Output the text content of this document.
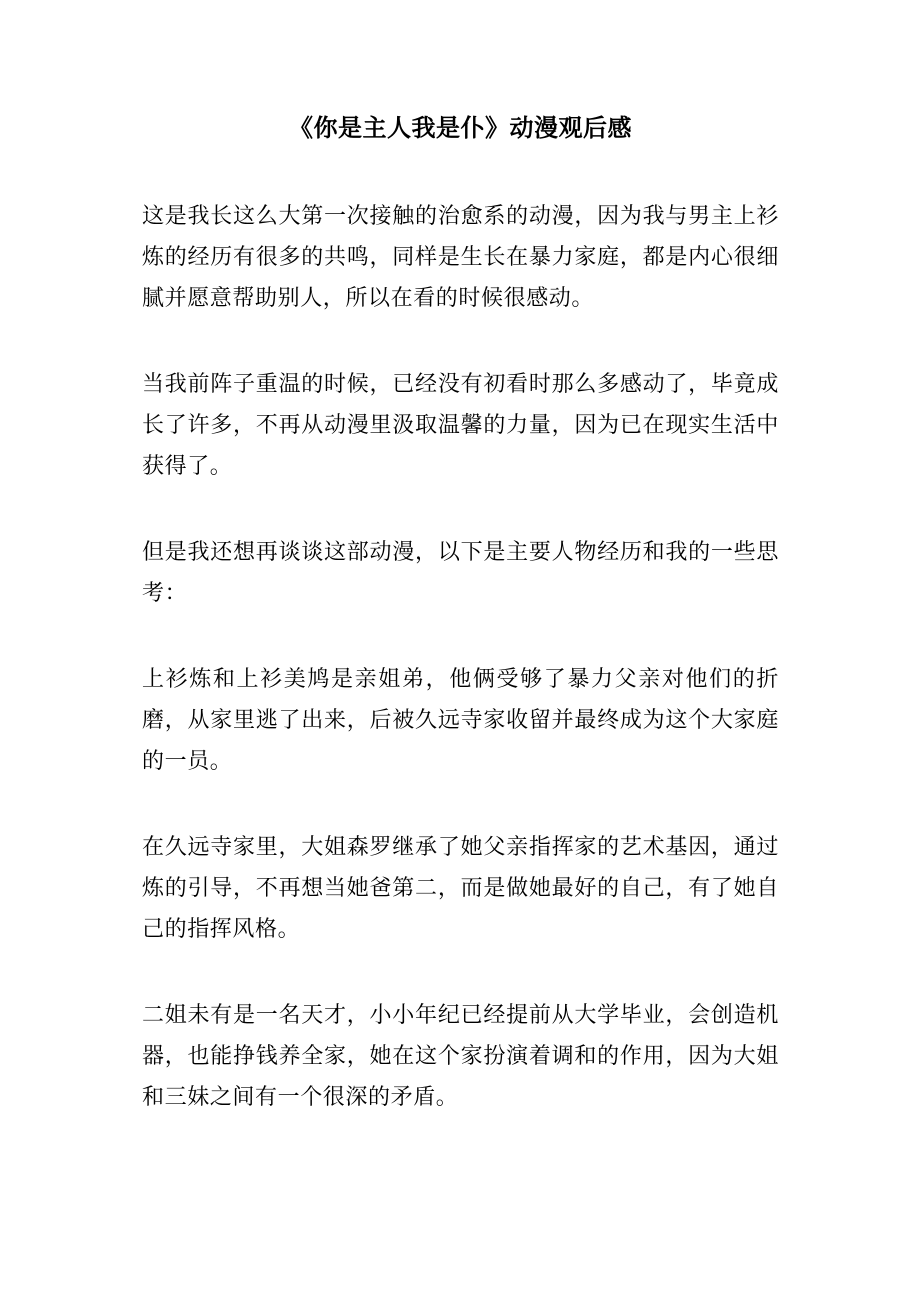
《你是主人我是仆》动漫观后感

这是我长这么大第一次接触的治愈系的动漫，因为我与男主上衫炼的经历有很多的共鸣，同样是生长在暴力家庭，都是内心很细腻并愿意帮助别人，所以在看的时候很感动。

当我前阵子重温的时候，已经没有初看时那么多感动了，毕竟成长了许多，不再从动漫里汲取温馨的力量，因为已在现实生活中获得了。

但是我还想再谈谈这部动漫，以下是主要人物经历和我的一些思考：

上衫炼和上衫美鸠是亲姐弟，他俩受够了暴力父亲对他们的折磨，从家里逃了出来，后被久远寺家收留并最终成为这个大家庭的一员。

在久远寺家里，大姐森罗继承了她父亲指挥家的艺术基因，通过炼的引导，不再想当她爸第二，而是做她最好的自己，有了她自己的指挥风格。

二姐未有是一名天才，小小年纪已经提前从大学毕业，会创造机器，也能挣钱养全家，她在这个家扮演着调和的作用，因为大姐和三妹之间有一个很深的矛盾。
